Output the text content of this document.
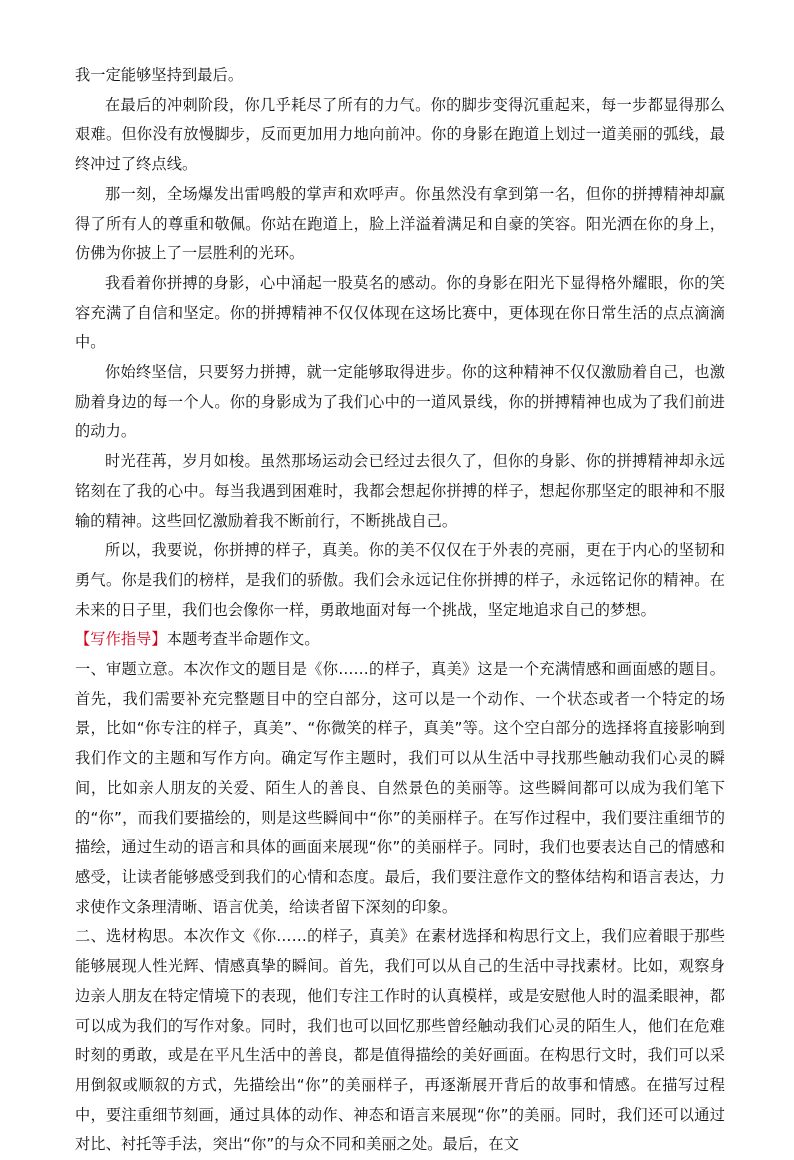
我一定能够坚持到最后。

在最后的冲刺阶段，你几乎耗尽了所有的力气。你的脚步变得沉重起来，每一步都显得那么艰难。但你没有放慢脚步，反而更加用力地向前冲。你的身影在跑道上划过一道美丽的弧线，最终冲过了终点线。

那一刻，全场爆发出雷鸣般的掌声和欢呼声。你虽然没有拿到第一名，但你的拼搏精神却赢得了所有人的尊重和敬佩。你站在跑道上，脸上洋溢着满足和自豪的笑容。阳光洒在你的身上，仿佛为你披上了一层胜利的光环。

我看着你拼搏的身影，心中涌起一股莫名的感动。你的身影在阳光下显得格外耀眼，你的笑容充满了自信和坚定。你的拼搏精神不仅仅体现在这场比赛中，更体现在你日常生活的点点滴滴中。

你始终坚信，只要努力拼搏，就一定能够取得进步。你的这种精神不仅仅激励着自己，也激励着身边的每一个人。你的身影成为了我们心中的一道风景线，你的拼搏精神也成为了我们前进的动力。

时光荏苒，岁月如梭。虽然那场运动会已经过去很久了，但你的身影、你的拼搏精神却永远铭刻在了我的心中。每当我遇到困难时，我都会想起你拼搏的样子，想起你那坚定的眼神和不服输的精神。这些回忆激励着我不断前行，不断挑战自己。

所以，我要说，你拼搏的样子，真美。你的美不仅仅在于外表的亮丽，更在于内心的坚韧和勇气。你是我们的榜样，是我们的骄傲。我们会永远记住你拼搏的样子，永远铭记你的精神。在未来的日子里，我们也会像你一样，勇敢地面对每一个挑战，坚定地追求自己的梦想。

【写作指导】本题考查半命题作文。

一、审题立意。本次作文的题目是《你……的样子，真美》这是一个充满情感和画面感的题目。首先，我们需要补充完整题目中的空白部分，这可以是一个动作、一个状态或者一个特定的场景，比如“你专注的样子，真美”、“你微笑的样子，真美”等。这个空白部分的选择将直接影响到我们作文的主题和写作方向。确定写作主题时，我们可以从生活中寻找那些触动我们心灵的瞬间，比如亲人朋友的关爱、陌生人的善良、自然景色的美丽等。这些瞬间都可以成为我们笔下的“你”，而我们要描绘的，则是这些瞬间中“你”的美丽样子。在写作过程中，我们要注重细节的描绘，通过生动的语言和具体的画面来展现“你”的美丽样子。同时，我们也要表达自己的情感和感受，让读者能够感受到我们的心情和态度。最后，我们要注意作文的整体结构和语言表达，力求使作文条理清晰、语言优美，给读者留下深刻的印象。

二、选材构思。本次作文《你……的样子，真美》在素材选择和构思行文上，我们应着眼于那些能够展现人性光辉、情感真挚的瞬间。首先，我们可以从自己的生活中寻找素材。比如，观察身边亲人朋友在特定情境下的表现，他们专注工作时的认真模样，或是安慰他人时的温柔眼神，都可以成为我们的写作对象。同时，我们也可以回忆那些曾经触动我们心灵的陌生人，他们在危难时刻的勇敢，或是在平凡生活中的善良，都是值得描绘的美好画面。在构思行文时，我们可以采用倒叙或顺叙的方式，先描绘出“你”的美丽样子，再逐渐展开背后的故事和情感。在描写过程中，要注重细节刻画，通过具体的动作、神态和语言来展现“你”的美丽。同时，我们还可以通过对比、衬托等手法，突出“你”的与众不同和美丽之处。最后，在文
